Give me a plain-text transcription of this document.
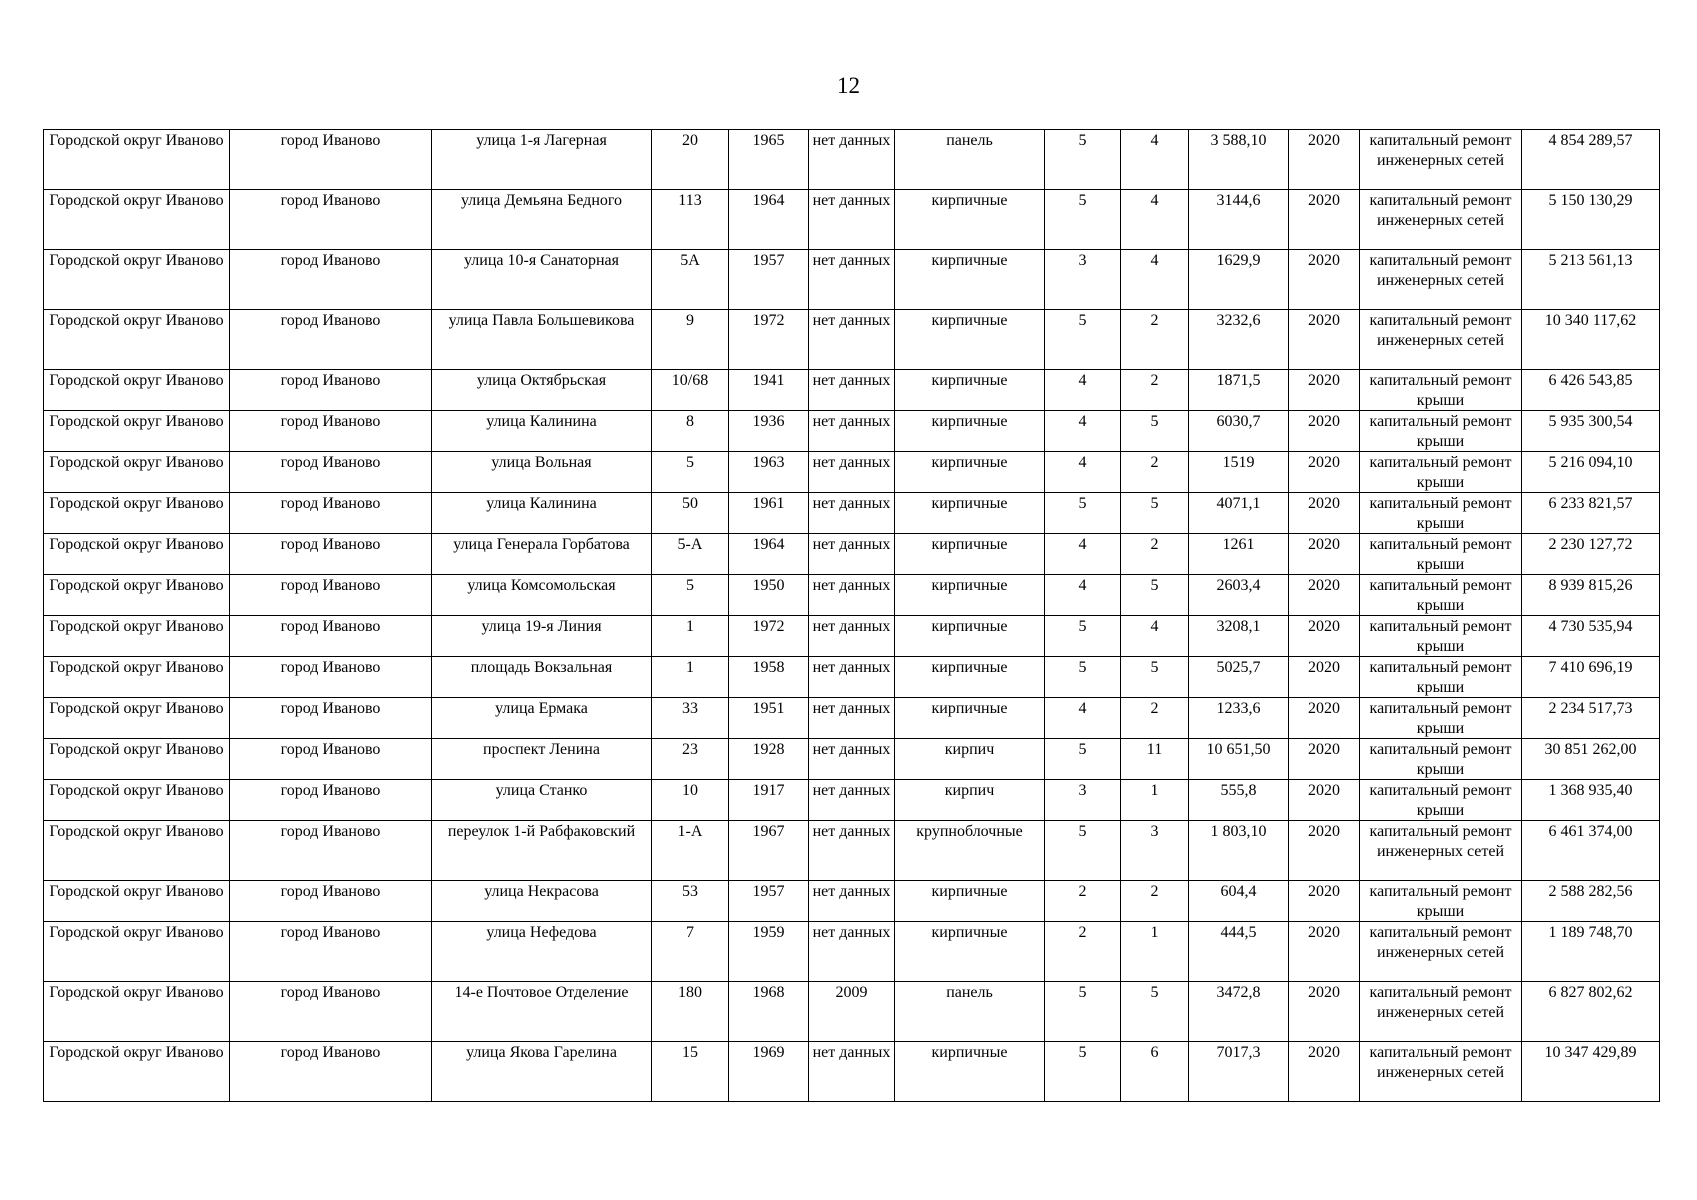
12
Городской округ Иваново	город Иваново	улица 1-я Лагерная	20	1965	нет данных	панель	5	4	3 588,10	2020	капитальный ремонт инженерных сетей	4 854 289,57
Городской округ Иваново	город Иваново	улица Демьяна Бедного	113	1964	нет данных	кирпичные	5	4	3144,6	2020	капитальный ремонт инженерных сетей	5 150 130,29
Городской округ Иваново	город Иваново	улица 10-я Санаторная	5А	1957	нет данных	кирпичные	3	4	1629,9	2020	капитальный ремонт инженерных сетей	5 213 561,13
Городской округ Иваново	город Иваново	улица Павла Большевикова	9	1972	нет данных	кирпичные	5	2	3232,6	2020	капитальный ремонт инженерных сетей	10 340 117,62
Городской округ Иваново	город Иваново	улица Октябрьская	10/68	1941	нет данных	кирпичные	4	2	1871,5	2020	капитальный ремонт крыши	6 426 543,85
Городской округ Иваново	город Иваново	улица Калинина	8	1936	нет данных	кирпичные	4	5	6030,7	2020	капитальный ремонт крыши	5 935 300,54
Городской округ Иваново	город Иваново	улица Вольная	5	1963	нет данных	кирпичные	4	2	1519	2020	капитальный ремонт крыши	5 216 094,10
Городской округ Иваново	город Иваново	улица Калинина	50	1961	нет данных	кирпичные	5	5	4071,1	2020	капитальный ремонт крыши	6 233 821,57
Городской округ Иваново	город Иваново	улица Генерала Горбатова	5-А	1964	нет данных	кирпичные	4	2	1261	2020	капитальный ремонт крыши	2 230 127,72
Городской округ Иваново	город Иваново	улица Комсомольская	5	1950	нет данных	кирпичные	4	5	2603,4	2020	капитальный ремонт крыши	8 939 815,26
Городской округ Иваново	город Иваново	улица 19-я Линия	1	1972	нет данных	кирпичные	5	4	3208,1	2020	капитальный ремонт крыши	4 730 535,94
Городской округ Иваново	город Иваново	площадь Вокзальная	1	1958	нет данных	кирпичные	5	5	5025,7	2020	капитальный ремонт крыши	7 410 696,19
Городской округ Иваново	город Иваново	улица Ермака	33	1951	нет данных	кирпичные	4	2	1233,6	2020	капитальный ремонт крыши	2 234 517,73
Городской округ Иваново	город Иваново	проспект Ленина	23	1928	нет данных	кирпич	5	11	10 651,50	2020	капитальный ремонт крыши	30 851 262,00
Городской округ Иваново	город Иваново	улица Станко	10	1917	нет данных	кирпич	3	1	555,8	2020	капитальный ремонт крыши	1 368 935,40
Городской округ Иваново	город Иваново	переулок 1-й Рабфаковский	1-А	1967	нет данных	крупноблочные	5	3	1 803,10	2020	капитальный ремонт инженерных сетей	6 461 374,00
Городской округ Иваново	город Иваново	улица Некрасова	53	1957	нет данных	кирпичные	2	2	604,4	2020	капитальный ремонт крыши	2 588 282,56
Городской округ Иваново	город Иваново	улица Нефедова	7	1959	нет данных	кирпичные	2	1	444,5	2020	капитальный ремонт инженерных сетей	1 189 748,70
Городской округ Иваново	город Иваново	14-е Почтовое Отделение	180	1968	2009	панель	5	5	3472,8	2020	капитальный ремонт инженерных сетей	6 827 802,62
Городской округ Иваново	город Иваново	улица Якова Гарелина	15	1969	нет данных	кирпичные	5	6	7017,3	2020	капитальный ремонт инженерных сетей	10 347 429,89
